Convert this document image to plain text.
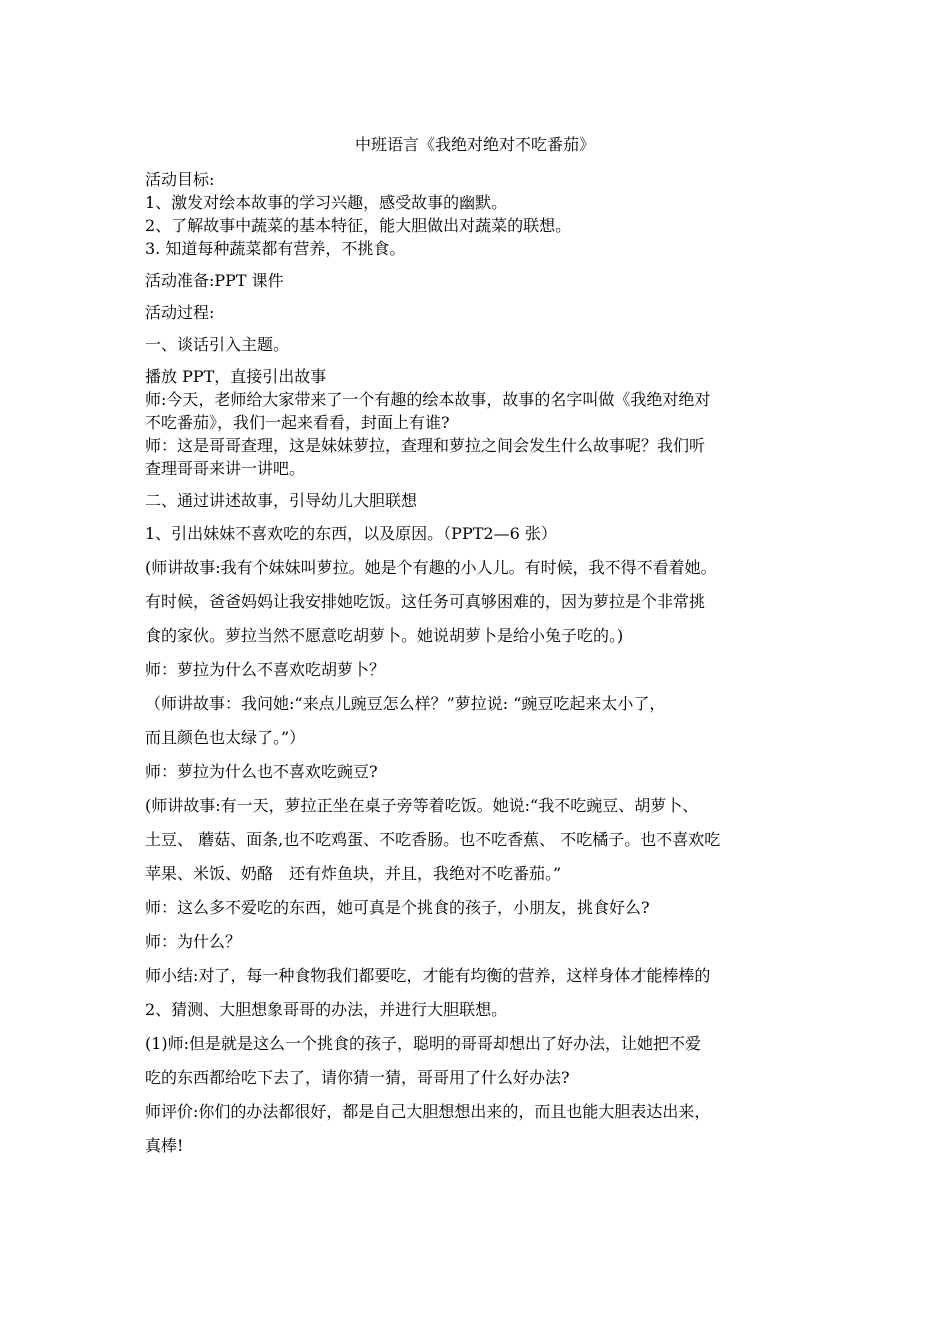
中班语言《我绝对绝对不吃番茄》

活动目标:

1、激发对绘本故事的学习兴趣，感受故事的幽默。

2、了解故事中蔬菜的基本特征，能大胆做出对蔬菜的联想。

3. 知道每种蔬菜都有营养，不挑食。

活动准备:PPT 课件

活动过程:

一、谈话引入主题。

播放 PPT，直接引出故事

师:今天，老师给大家带来了一个有趣的绘本故事，故事的名字叫做《我绝对绝对

不吃番茄》，我们一起来看看，封面上有谁?

师：这是哥哥查理，这是妹妹萝拉，查理和萝拉之间会发生什么故事呢？我们听

查理哥哥来讲一讲吧。

二、通过讲述故事，引导幼儿大胆联想

1、引出妹妹不喜欢吃的东西，以及原因。（PPT2—6 张）

(师讲故事:我有个妹妹叫萝拉。她是个有趣的小人儿。有时候，我不得不看着她。

有时候，爸爸妈妈让我安排她吃饭。这任务可真够困难的，因为萝拉是个非常挑

食的家伙。萝拉当然不愿意吃胡萝卜。她说胡萝卜是给小兔子吃的。)

师：萝拉为什么不喜欢吃胡萝卜？

（师讲故事：我问她:“来点儿豌豆怎么样？”萝拉说: “豌豆吃起来太小了，

而且颜色也太绿了。”）

师：萝拉为什么也不喜欢吃豌豆?

(师讲故事:有一天，萝拉正坐在桌子旁等着吃饭。她说:“我不吃豌豆、胡萝卜、

土豆、 蘑菇、面条,也不吃鸡蛋、不吃香肠。也不吃香蕉、 不吃橘子。也不喜欢吃

苹果、米饭、奶酪　还有炸鱼块，并且，我绝对不吃番茄。”

师：这么多不爱吃的东西，她可真是个挑食的孩子，小朋友，挑食好么?

师：为什么？

师小结:对了，每一种食物我们都要吃，才能有均衡的营养，这样身体才能棒棒的

2、猜测、大胆想象哥哥的办法，并进行大胆联想。

(1)师:但是就是这么一个挑食的孩子，聪明的哥哥却想出了好办法，让她把不爱

吃的东西都给吃下去了，请你猜一猜，哥哥用了什么好办法?

师评价:你们的办法都很好，都是自己大胆想想出来的，而且也能大胆表达出来，

真棒!
